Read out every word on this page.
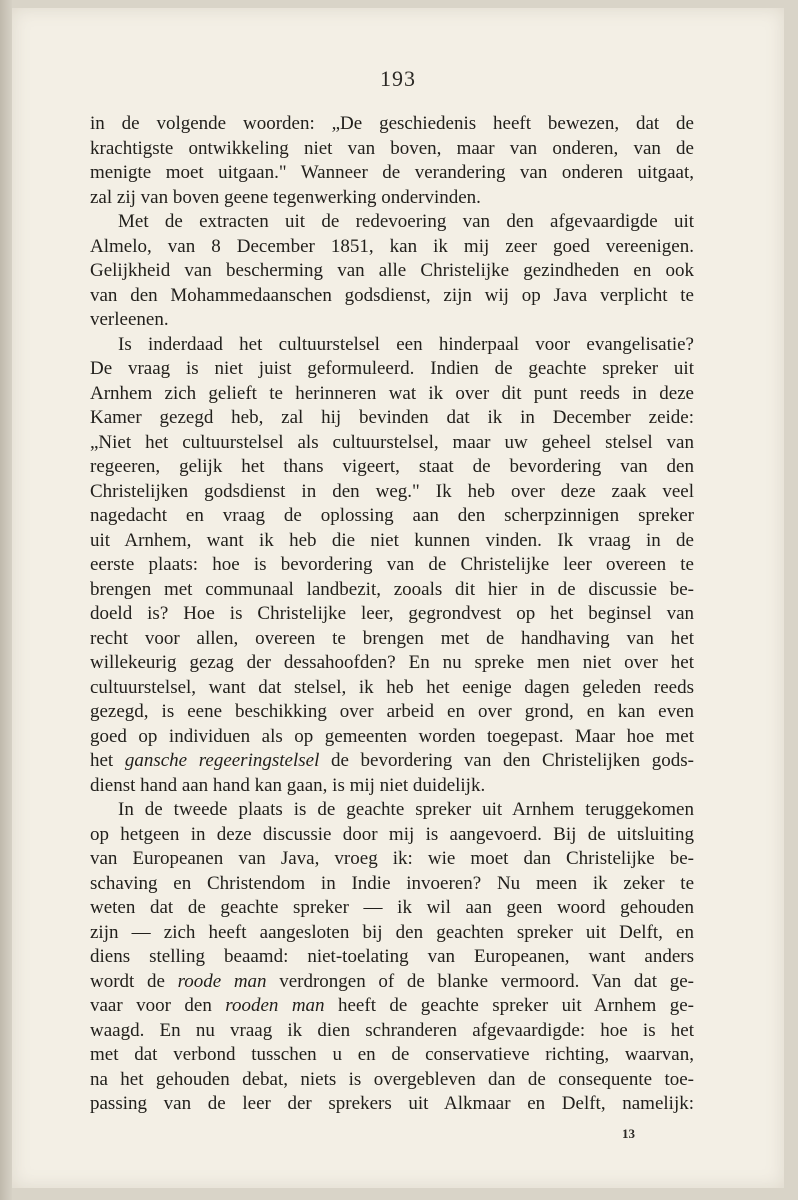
193
in de volgende woorden: „De geschiedenis heeft bewezen, dat de
krachtigste ontwikkeling niet van boven, maar van onderen, van de
menigte moet uitgaan." Wanneer de verandering van onderen uitgaat,
zal zij van boven geene tegenwerking ondervinden.
Met de extracten uit de redevoering van den afgevaardigde uit
Almelo, van 8 December 1851, kan ik mij zeer goed vereenigen.
Gelijkheid van bescherming van alle Christelijke gezindheden en ook
van den Mohammedaanschen godsdienst, zijn wij op Java verplicht te
verleenen.
Is inderdaad het cultuurstelsel een hinderpaal voor evangelisatie?
De vraag is niet juist geformuleerd. Indien de geachte spreker uit
Arnhem zich gelieft te herinneren wat ik over dit punt reeds in deze
Kamer gezegd heb, zal hij bevinden dat ik in December zeide:
„Niet het cultuurstelsel als cultuurstelsel, maar uw geheel stelsel van
regeeren, gelijk het thans vigeert, staat de bevordering van den
Christelijken godsdienst in den weg." Ik heb over deze zaak veel
nagedacht en vraag de oplossing aan den scherpzinnigen spreker
uit Arnhem, want ik heb die niet kunnen vinden. Ik vraag in de
eerste plaats: hoe is bevordering van de Christelijke leer overeen te
brengen met communaal landbezit, zooals dit hier in de discussie be-
doeld is? Hoe is Christelijke leer, gegrondvest op het beginsel van
recht voor allen, overeen te brengen met de handhaving van het
willekeurig gezag der dessahoofden? En nu spreke men niet over het
cultuurstelsel, want dat stelsel, ik heb het eenige dagen geleden reeds
gezegd, is eene beschikking over arbeid en over grond, en kan even
goed op individuen als op gemeenten worden toegepast. Maar hoe met
het gansche regeeringstelsel de bevordering van den Christelijken gods-
dienst hand aan hand kan gaan, is mij niet duidelijk.
In de tweede plaats is de geachte spreker uit Arnhem teruggekomen
op hetgeen in deze discussie door mij is aangevoerd. Bij de uitsluiting
van Europeanen van Java, vroeg ik: wie moet dan Christelijke be-
schaving en Christendom in Indie invoeren? Nu meen ik zeker te
weten dat de geachte spreker — ik wil aan geen woord gehouden
zijn — zich heeft aangesloten bij den geachten spreker uit Delft, en
diens stelling beaamd: niet-toelating van Europeanen, want anders
wordt de roode man verdrongen of de blanke vermoord. Van dat ge-
vaar voor den rooden man heeft de geachte spreker uit Arnhem ge-
waagd. En nu vraag ik dien schranderen afgevaardigde: hoe is het
met dat verbond tusschen u en de conservatieve richting, waarvan,
na het gehouden debat, niets is overgebleven dan de consequente toe-
passing van de leer der sprekers uit Alkmaar en Delft, namelijk:
13
